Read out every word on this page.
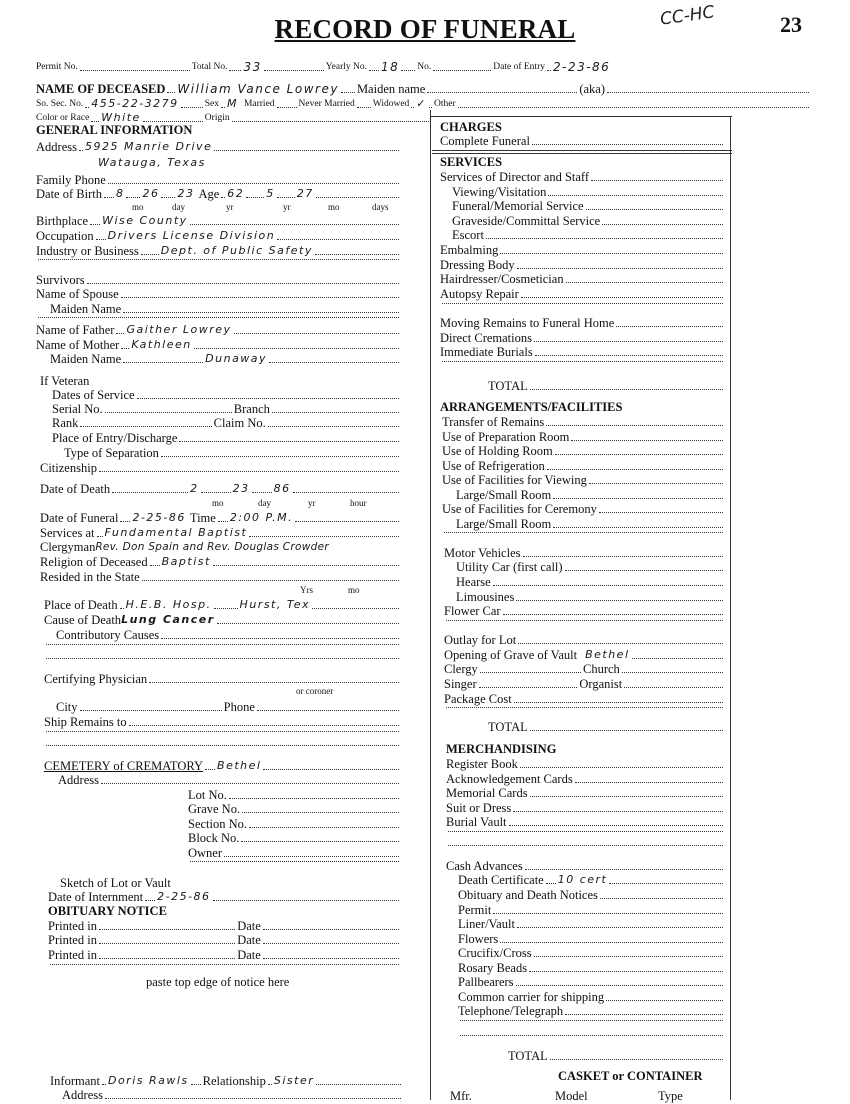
RECORD OF FUNERAL	23
CC-HC
Permit No.	Total No. 33	Yearly No. 18 No.	Date of Entry 2-23-86
NAME OF DECEASED William Vance Lowrey Maiden name	(aka)
So. Sec. No. 455-22-3279	Sex M Married	Never Married Widowed ✓ Other
Color or Race White	Origin
GENERAL INFORMATION
Address 5925 Manrie Drive
Watauga, Texas
Family Phone
Date of Birth 8 26 23 Age 62 5 27
mo	day	yr	yr	mo	days
Birthplace Wise County
Occupation Drivers License Division
Industry or Business Dept. of Public Safety
Survivors
Name of Spouse
Maiden Name
Name of Father Gaither Lowrey
Name of Mother Kathleen
Maiden Name	Dunaway
If Veteran
Dates of Service
Serial No.	Branch
Rank	Claim No.
Place of Entry/Discharge
Type of Separation
Citizenship
Date of Death	2	23 86
mo	day	yr	hour
Date of Funeral 2-25-86 Time 2:00 P.M.
Services at Fundamental Baptist
Clergyman Rev. Don Spain and Rev. Douglas Crowder
Religion of Deceased Baptist
Resided in the State
Yrs	mo
Place of Death H.E.B. Hosp.	Hurst, Tex
Cause of Death Lung Cancer
Contributory Causes
Certifying Physician
or coroner
City	Phone
Ship Remains to
CEMETERY of CREMATORY Bethel
Address
Lot No.
Grave No.
Section No.
Block No.
Owner
Sketch of Lot or Vault
Date of Internment 2-25-86
OBITUARY NOTICE
Printed in	Date
Printed in	Date
Printed in	Date
paste top edge of notice here
Informant Doris Rawls Relationship Sister
Address
CHARGES
Complete Funeral
SERVICES
Services of Director and Staff
Viewing/Visitation
Funeral/Memorial Service
Graveside/Committal Service
Escort
Embalming
Dressing Body
Hairdresser/Cosmetician
Autopsy Repair
Moving Remains to Funeral Home
Direct Cremations
Immediate Burials
TOTAL
ARRANGEMENTS/FACILITIES
Transfer of Remains
Use of Preparation Room
Use of Holding Room
Use of Refrigeration
Use of Facilities for Viewing
Large/Small Room
Use of Facilities for Ceremony
Large/Small Room
Motor Vehicles
Utility Car (first call)
Hearse
Limousines
Flower Car
Outlay for Lot
Opening of Grave of Vault Bethel
Clergy	Church
Singer	Organist
Package Cost
TOTAL
MERCHANDISING
Register Book
Acknowledgement Cards
Memorial Cards
Suit or Dress
Burial Vault
Cash Advances
Death Certificate 10 cert
Obituary and Death Notices
Permit
Liner/Vault
Flowers
Crucifix/Cross
Rosary Beads
Pallbearers
Common carrier for shipping
Telephone/Telegraph
TOTAL
CASKET or CONTAINER
Mfr.	Model	Type
